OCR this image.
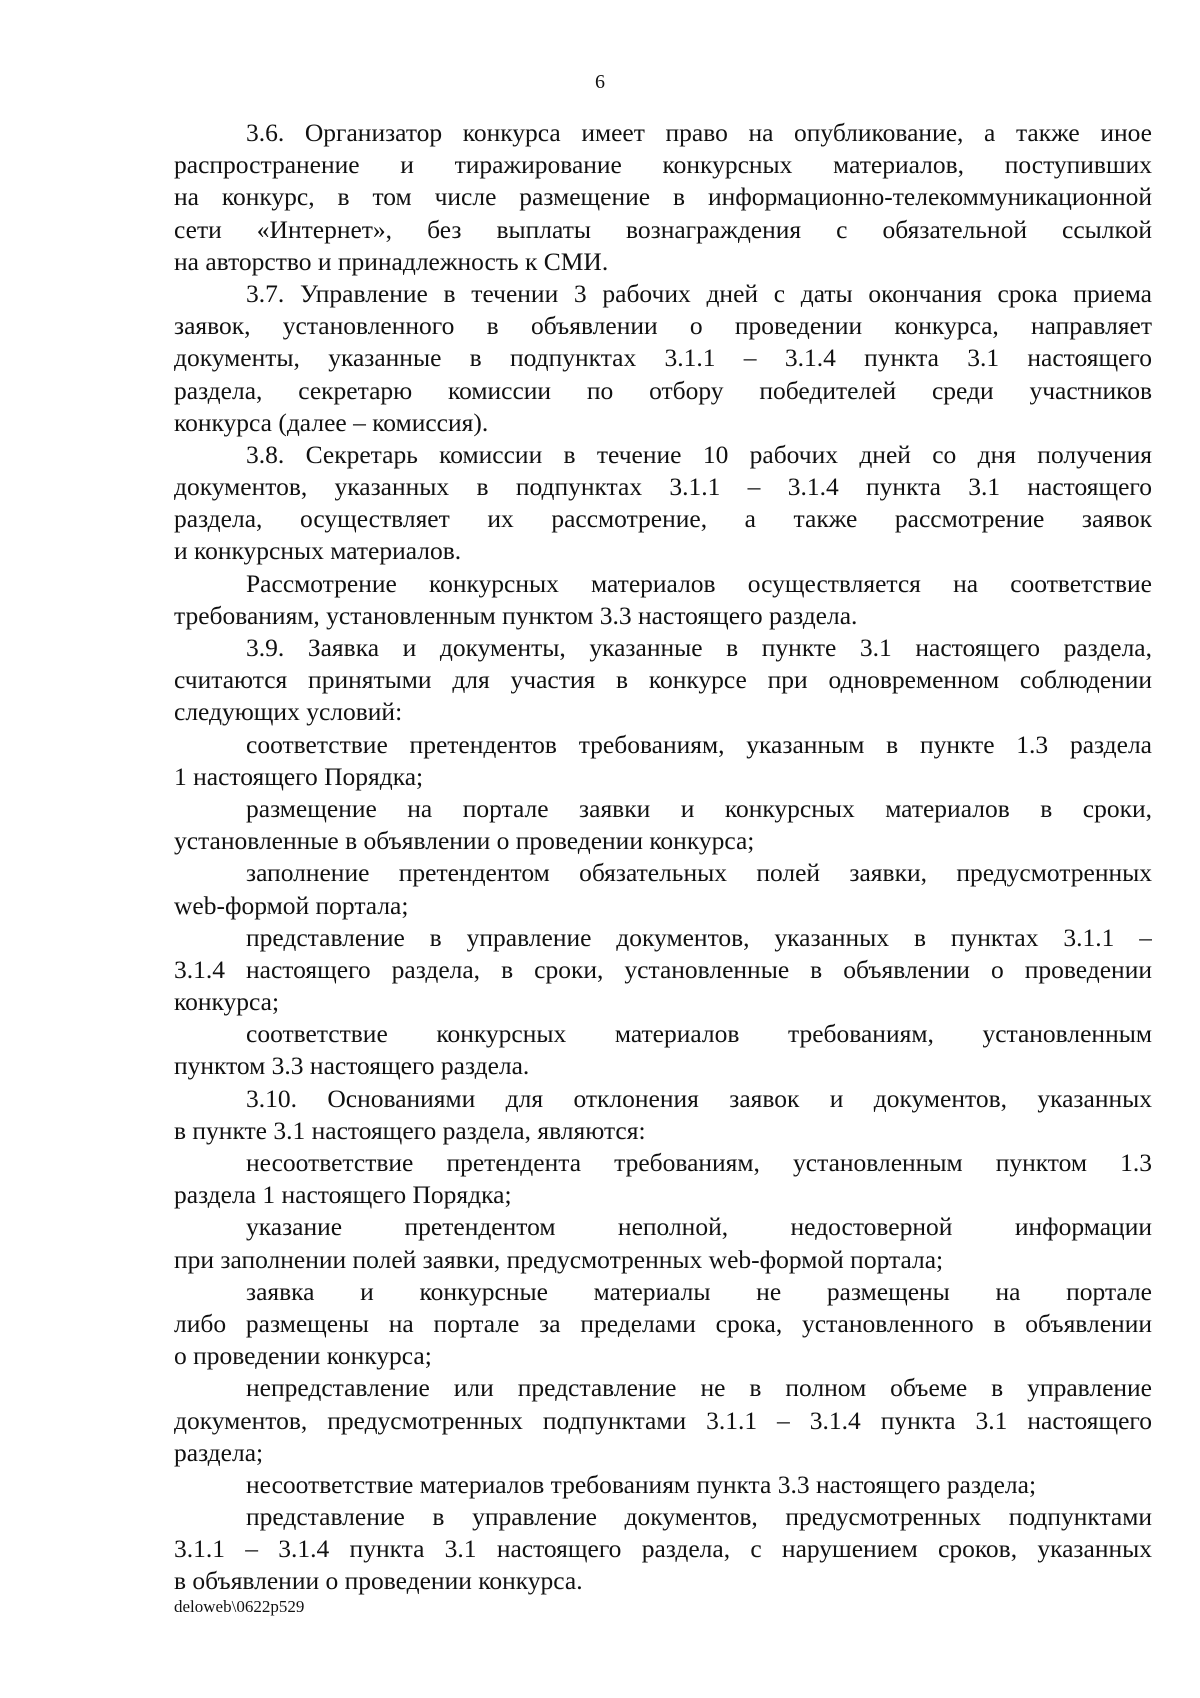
6
3.6. Организатор конкурса имеет право на опубликование, а также иное
распространение и тиражирование конкурсных материалов, поступивших
на конкурс, в том числе размещение в информационно-телекоммуникационной
сети «Интернет», без выплаты вознаграждения с обязательной ссылкой
на авторство и принадлежность к СМИ.
3.7. Управление в течении 3 рабочих дней с даты окончания срока приема
заявок, установленного в объявлении о проведении конкурса, направляет
документы, указанные в подпунктах 3.1.1 – 3.1.4 пункта 3.1 настоящего
раздела, секретарю комиссии по отбору победителей среди участников
конкурса (далее – комиссия).
3.8. Секретарь комиссии в течение 10 рабочих дней со дня получения
документов, указанных в подпунктах 3.1.1 – 3.1.4 пункта 3.1 настоящего
раздела, осуществляет их рассмотрение, а также рассмотрение заявок
и конкурсных материалов.
Рассмотрение конкурсных материалов осуществляется на соответствие
требованиям, установленным пунктом 3.3 настоящего раздела.
3.9. Заявка и документы, указанные в пункте 3.1 настоящего раздела,
считаются принятыми для участия в конкурсе при одновременном соблюдении
следующих условий:
соответствие претендентов требованиям, указанным в пункте 1.3 раздела
1 настоящего Порядка;
размещение на портале заявки и конкурсных материалов в сроки,
установленные в объявлении о проведении конкурса;
заполнение претендентом обязательных полей заявки, предусмотренных
web-формой портала;
представление в управление документов, указанных в пунктах 3.1.1 –
3.1.4 настоящего раздела, в сроки, установленные в объявлении о проведении
конкурса;
соответствие конкурсных материалов требованиям, установленным
пунктом 3.3 настоящего раздела.
3.10. Основаниями для отклонения заявок и документов, указанных
в пункте 3.1 настоящего раздела, являются:
несоответствие претендента требованиям, установленным пунктом 1.3
раздела 1 настоящего Порядка;
указание претендентом неполной, недостоверной информации
при заполнении полей заявки, предусмотренных web-формой портала;
заявка и конкурсные материалы не размещены на портале
либо размещены на портале за пределами срока, установленного в объявлении
о проведении конкурса;
непредставление или представление не в полном объеме в управление
документов, предусмотренных подпунктами 3.1.1 – 3.1.4 пункта 3.1 настоящего
раздела;
несоответствие материалов требованиям пункта 3.3 настоящего раздела;
представление в управление документов, предусмотренных подпунктами
3.1.1 – 3.1.4 пункта 3.1 настоящего раздела, с нарушением сроков, указанных
в объявлении о проведении конкурса.
deloweb\0622p529
